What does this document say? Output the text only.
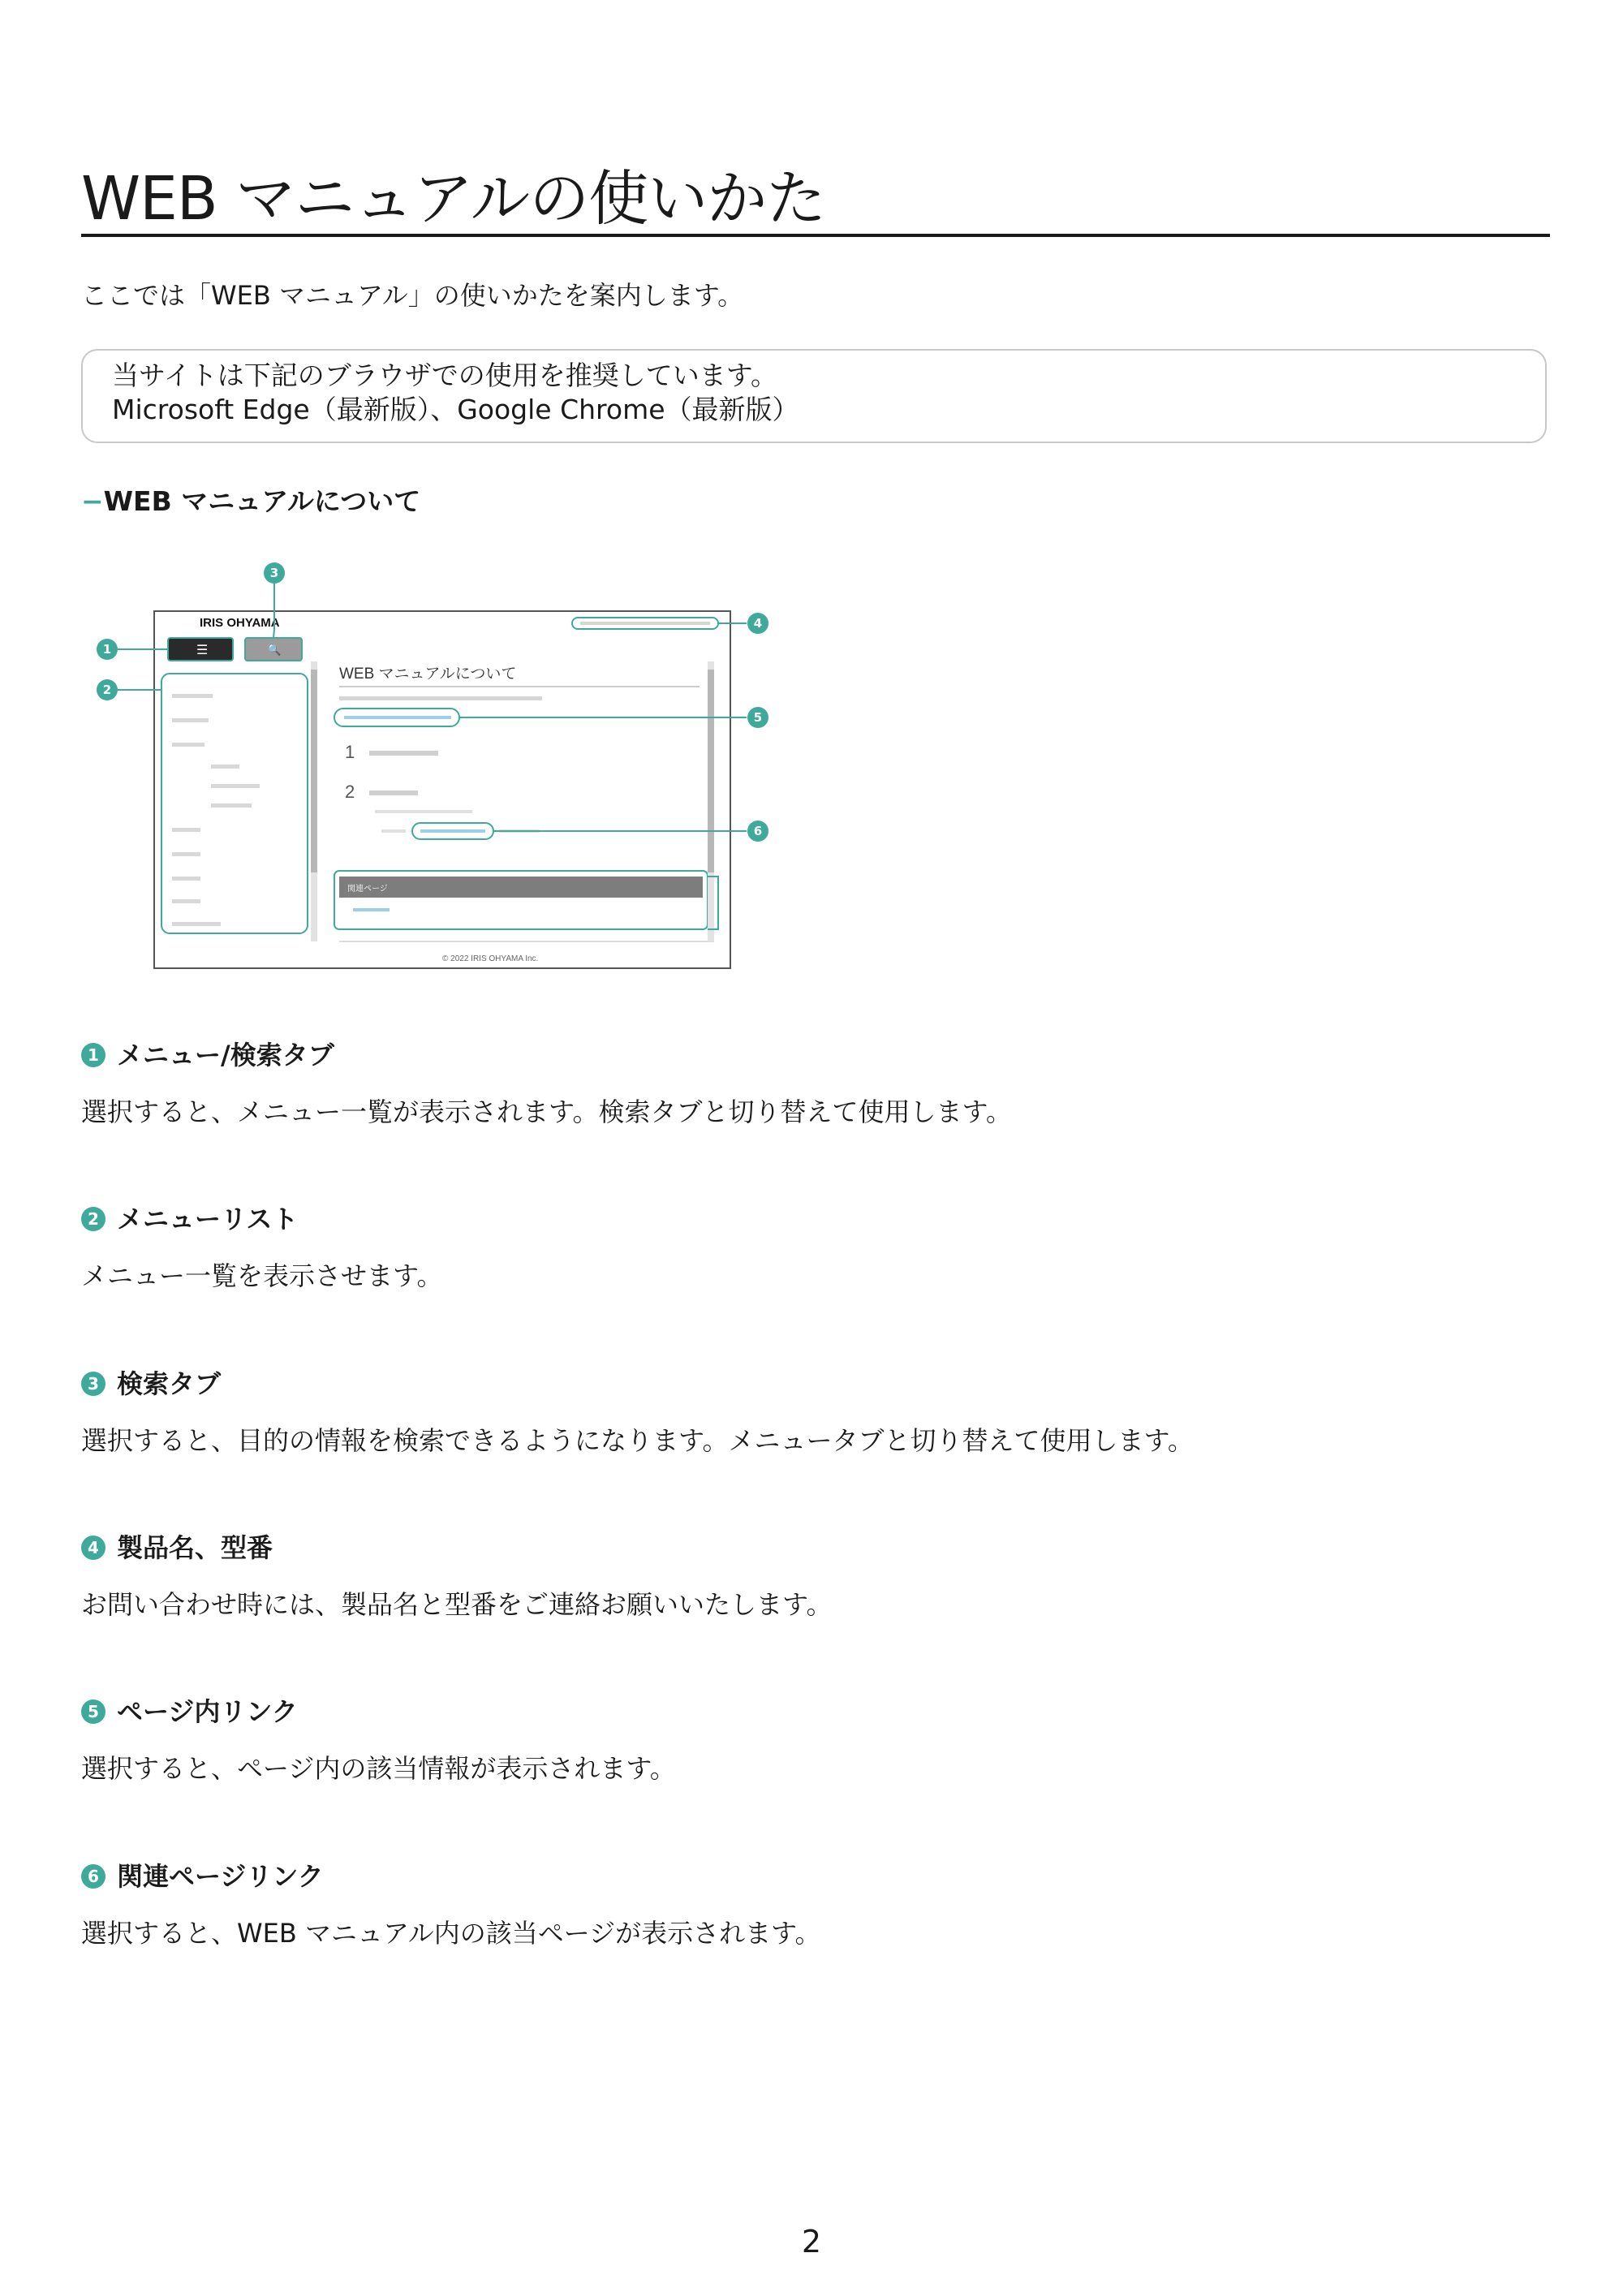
WEB マニュアルの使いかた
ここでは「WEB マニュアル」の使いかたを案内します。
当サイトは下記のブラウザでの使用を推奨しています。
Microsoft Edge（最新版）、Google Chrome（最新版）
−WEB マニュアルについて
IRIS OHYAMA
☰	🔍
WEB マニュアルについて
1
2
関連ページ
© 2022 IRIS OHYAMA Inc.
1
2
3
4
5
6
1 メニュー/検索タブ
選択すると、メニュー一覧が表示されます。検索タブと切り替えて使用します。
2 メニューリスト
メニュー一覧を表示させます。
3 検索タブ
選択すると、目的の情報を検索できるようになります。メニュータブと切り替えて使用します。
4 製品名、型番
お問い合わせ時には、製品名と型番をご連絡お願いいたします。
5 ページ内リンク
選択すると、ページ内の該当情報が表示されます。
6 関連ページリンク
選択すると、WEB マニュアル内の該当ページが表示されます。
2
